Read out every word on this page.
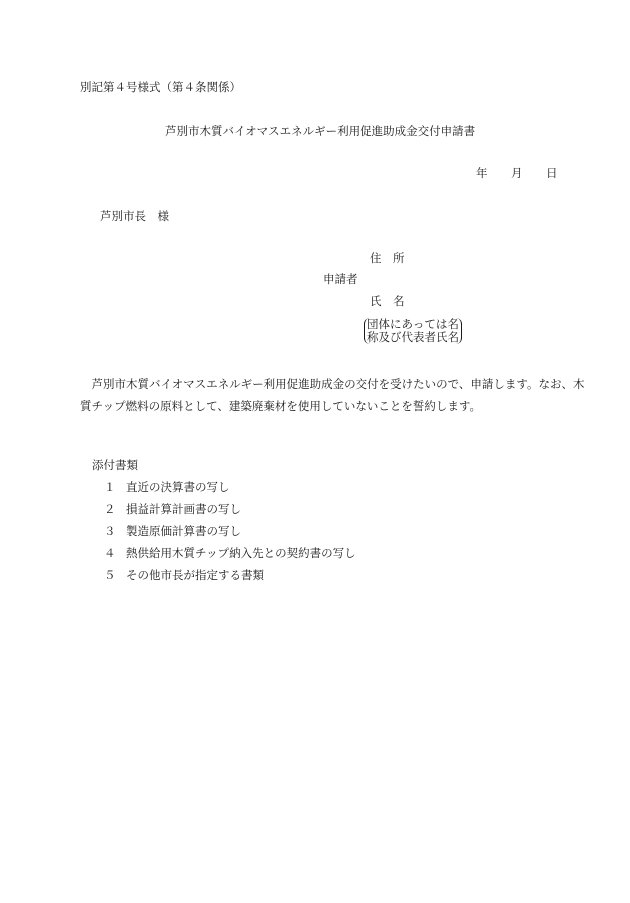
別記第４号様式（第４条関係）
芦別市木質バイオマスエネルギー利用促進助成金交付申請書
年 月 日
芦別市長　様
住　所
申請者
氏　名
団体にあっては名
称及び代表者氏名
芦別市木質バイオマスエネルギー利用促進助成金の交付を受けたいので、申請します。なお、木質チップ燃料の原料として、建築廃棄材を使用していないことを誓約します。
添付書類
１ 直近の決算書の写し
２ 損益計算計画書の写し
３ 製造原価計算書の写し
４ 熱供給用木質チップ納入先との契約書の写し
５ その他市長が指定する書類
